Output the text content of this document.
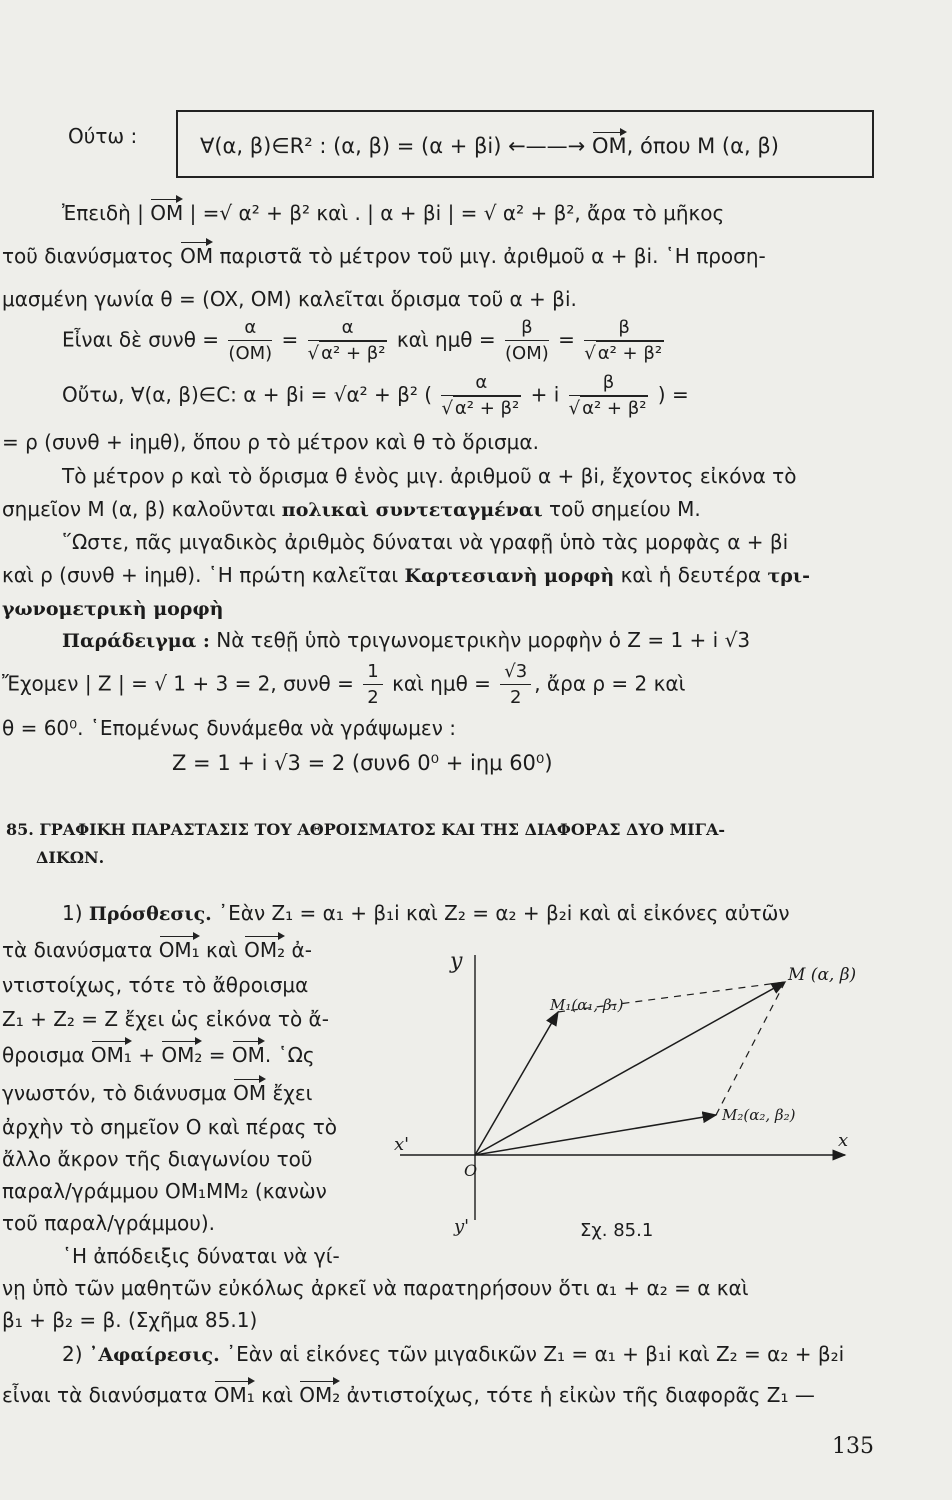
Ούτω :	∀(α, β)∈R² : (α, β) = (α + βi) ←——→ OM, όπου Μ (α, β)
Ἐπειδὴ | OM | =√ α² + β² καὶ . | α + βi | = √ α² + β², ἄρα τὸ μῆκος
τοῦ διανύσματος OM παριστᾶ τὸ μέτρον τοῦ μιγ. ἀριθμοῦ α + βi. ῾Η προση-
μασμένη γωνία θ = (OX, OM) καλεῖται ὅρισμα τοῦ α + βi.
Εἶναι δὲ $\sigma\upsilon\nu\theta = \frac{\alpha}{(OM)} = \frac{\alpha}{\text{√ α² + β²}}$ καὶ $\eta\mu\theta = \frac{\beta}{(OM)} = \frac{\beta}{\text{√ α² + β²}}$
Οὔτω, ∀(α, β)∈C: α + βi = √α² + β² ( $\frac{\alpha}{\text{√ α² + β²}} + i \frac{\beta}{\text{√ α² + β²}}$ ) =
= ρ (συνθ + iημθ), ὅπου ρ τὸ μέτρον καὶ θ τὸ ὅρισμα.
Τὸ μέτρον ρ καὶ τὸ ὅρισμα θ ἑνὸς μιγ. ἀριθμοῦ α + βi, ἔχοντος εἰκόνα τὸ
σημεῖον Μ (α, β) καλοῦνται πολικαὶ συντεταγμέναι τοῦ σημείου Μ.
῞Ωστε, πᾶς μιγαδικὸς ἀριθμὸς δύναται νὰ γραφῇ ὑπὸ τὰς μορφὰς α + βi
καὶ ρ (συνθ + iημθ). ῾Η πρώτη καλεῖται Καρτεσιανὴ μορφὴ καὶ ἡ δευτέρα τρι-
γωνομετρικὴ μορφὴ
Παράδειγμα : Νὰ τεθῇ ὑπὸ τριγωνομετρικὴν μορφὴν ὁ Ζ = 1 + i √3
Ἔχομεν | Ζ | = √ 1 + 3 = 2, $\sigma\upsilon\nu\theta = \frac{1}{2}$ καὶ $\eta\mu\theta = \frac{√3}{2}$ , ἄρα ρ = 2 καὶ
θ = 60⁰. ῾Επομένως δυνάμεθα νὰ γράψωμεν :
Ζ = 1 + i √3 = 2 (συν6 0⁰ + iημ 60⁰)
85. ΓΡΑΦΙΚΗ ΠΑΡΑΣΤΑΣΙΣ ΤΟΥ ΑΘΡΟΙΣΜΑΤΟΣ ΚΑΙ ΤΗΣ ΔΙΑΦΟΡΑΣ ΔΥΟ ΜΙΓΑ-
ΔΙΚΩΝ.
1) Πρόσθεσις. ᾿Εὰν Ζ₁ = α₁ + β₁i καὶ Ζ₂ = α₂ + β₂i καὶ αἱ εἰκόνες αὐτῶν
τὰ διανύσματα OM₁ καὶ OM₂ ἀ-
ντιστοίχως, τότε τὸ ἄθροισμα
Ζ₁ + Ζ₂ = Ζ ἔχει ὡς εἰκόνα τὸ ἄ-
θροισμα OM₁ + OM₂ = OM. ῾Ως
γνωστόν, τὸ διάνυσμα OM ἔχει
ἀρχὴν τὸ σημεῖον Ο καὶ πέρας τὸ
ἄλλο ἄκρον τῆς διαγωνίου τοῦ
παραλ/γράμμου ΟΜ₁ΜΜ₂ (κανὼν
τοῦ παραλ/γράμμου).
῾Η ἀπόδειξις δύναται νὰ γί-
νῃ ὑπὸ τῶν μαθητῶν εὐκόλως ἀρκεῖ νὰ παρατηρήσουν ὅτι α₁ + α₂ = α καὶ
β₁ + β₂ = β. (Σχῆμα 85.1)
y
y'
x
x'
O
M (α, β)
M₁(α₁, β₁)
M₂(α₂, β₂)
Σχ. 85.1
2) ᾿Αφαίρεσις. ᾿Εὰν αἱ εἰκόνες τῶν μιγαδικῶν Ζ₁ = α₁ + β₁i καὶ Ζ₂ = α₂ + β₂i
εἶναι τὰ διανύσματα OM₁ καὶ OM₂ ἀντιστοίχως, τότε ἡ εἰκὼν τῆς διαφορᾶς Ζ₁ —
135
